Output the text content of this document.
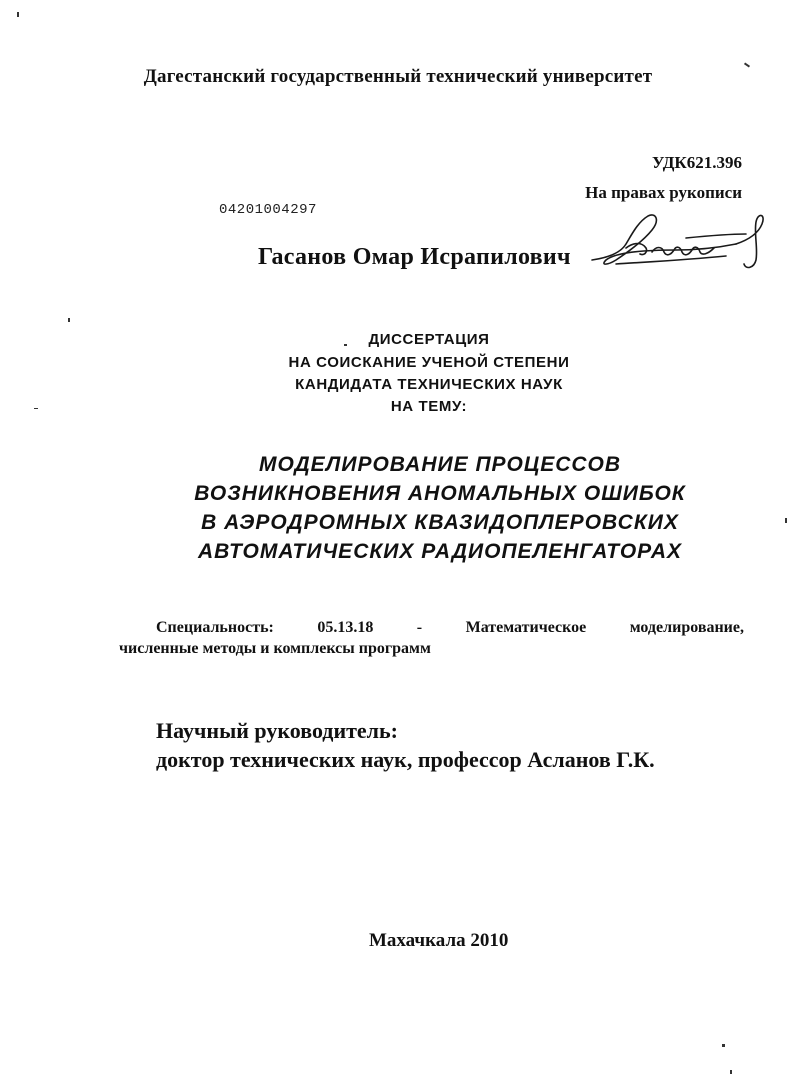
Дагестанский государственный технический университет
УДК621.396
На правах рукописи
04201004297
Гасанов Омар Исрапилович
ДИССЕРТАЦИЯ
НА СОИСКАНИЕ УЧЕНОЙ СТЕПЕНИ
КАНДИДАТА ТЕХНИЧЕСКИХ НАУК
НА ТЕМУ:
МОДЕЛИРОВАНИЕ ПРОЦЕССОВ
ВОЗНИКНОВЕНИЯ АНОМАЛЬНЫХ ОШИБОК
В АЭРОДРОМНЫХ КВАЗИДОПЛЕРОВСКИХ
АВТОМАТИЧЕСКИХ РАДИОПЕЛЕНГАТОРАХ
Специальность:	05.13.18	-	Математическое	моделирование,
численные методы и комплексы программ
Научный руководитель:
доктор технических наук, профессор Асланов Г.К.
Махачкала 2010
